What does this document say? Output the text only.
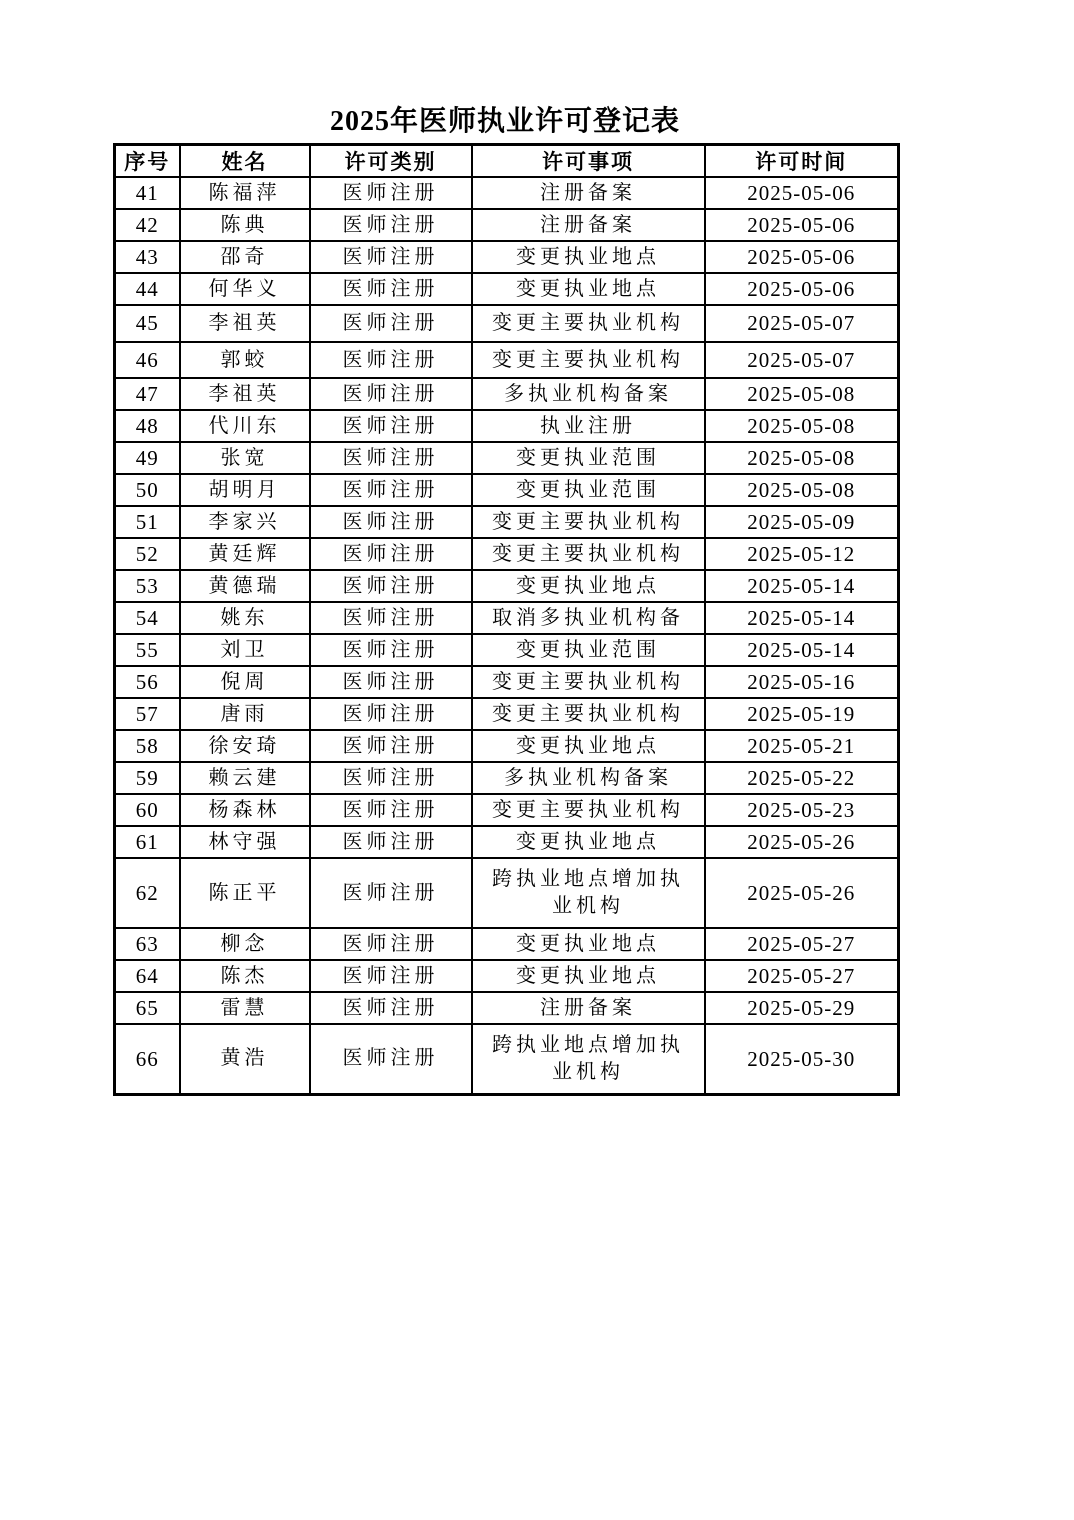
2025年医师执业许可登记表
序号	姓名	许可类别	许可事项	许可时间
41	陈福萍	医师注册	注册备案	2025-05-06
42	陈典	医师注册	注册备案	2025-05-06
43	邵奇	医师注册	变更执业地点	2025-05-06
44	何华义	医师注册	变更执业地点	2025-05-06
45	李祖英	医师注册	变更主要执业机构	2025-05-07
46	郭蛟	医师注册	变更主要执业机构	2025-05-07
47	李祖英	医师注册	多执业机构备案	2025-05-08
48	代川东	医师注册	执业注册	2025-05-08
49	张宽	医师注册	变更执业范围	2025-05-08
50	胡明月	医师注册	变更执业范围	2025-05-08
51	李家兴	医师注册	变更主要执业机构	2025-05-09
52	黄廷辉	医师注册	变更主要执业机构	2025-05-12
53	黄德瑞	医师注册	变更执业地点	2025-05-14
54	姚东	医师注册	取消多执业机构备	2025-05-14
55	刘卫	医师注册	变更执业范围	2025-05-14
56	倪周	医师注册	变更主要执业机构	2025-05-16
57	唐雨	医师注册	变更主要执业机构	2025-05-19
58	徐安琦	医师注册	变更执业地点	2025-05-21
59	赖云建	医师注册	多执业机构备案	2025-05-22
60	杨森林	医师注册	变更主要执业机构	2025-05-23
61	林守强	医师注册	变更执业地点	2025-05-26
62	陈正平	医师注册	跨执业地点增加执业机构	2025-05-26
63	柳念	医师注册	变更执业地点	2025-05-27
64	陈杰	医师注册	变更执业地点	2025-05-27
65	雷慧	医师注册	注册备案	2025-05-29
66	黄浩	医师注册	跨执业地点增加执业机构	2025-05-30
